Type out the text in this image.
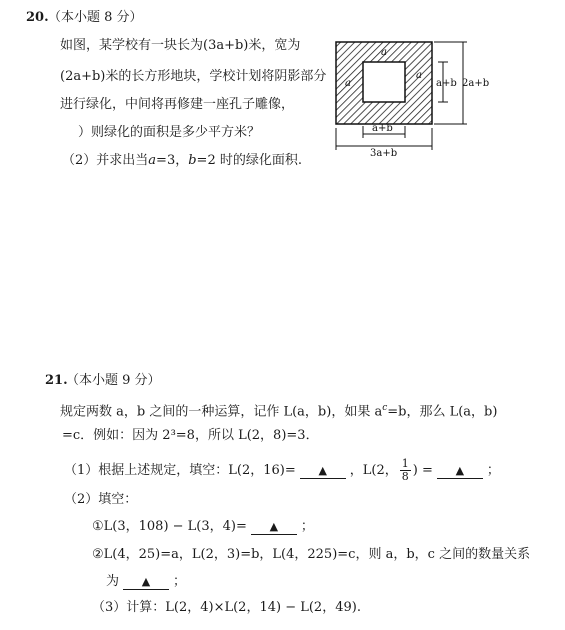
20. （本小题 8 分）
如图，某学校有一块长为(3a+b)米，宽为
(2a+b)米的长方形地块，学校计划将阴影部分
进行绿化，中间将再修建一座孔子雕像，
）则绿化的面积是多少平方米？
（2）并求出当a=3，b=2 时的绿化面积.
a+b 2a+b
a+b
3a+b
a
a
a
21.
（本小题 9 分）
规定两数 a，b 之间的一种运算，记作 L(a，b)，如果 $a^c=b$，那么 L(a，b)
=c．例如：因为 2³=8，所以 L(2，8)=3．
（1）根据上述规定，填空：L(2，16)= ▲ ，L(2， $\frac{1}{8}$ ) = ▲ ；
（2）填空：
①L(3，108) − L(3，4)= ▲ ；
②L(4，25)=a，L(2，3)=b，L(4，225)=c，则 a，b，c 之间的数量关系
为 ▲ ；
（3）计算：L(2，4)×L(2，14) − L(2，49).
